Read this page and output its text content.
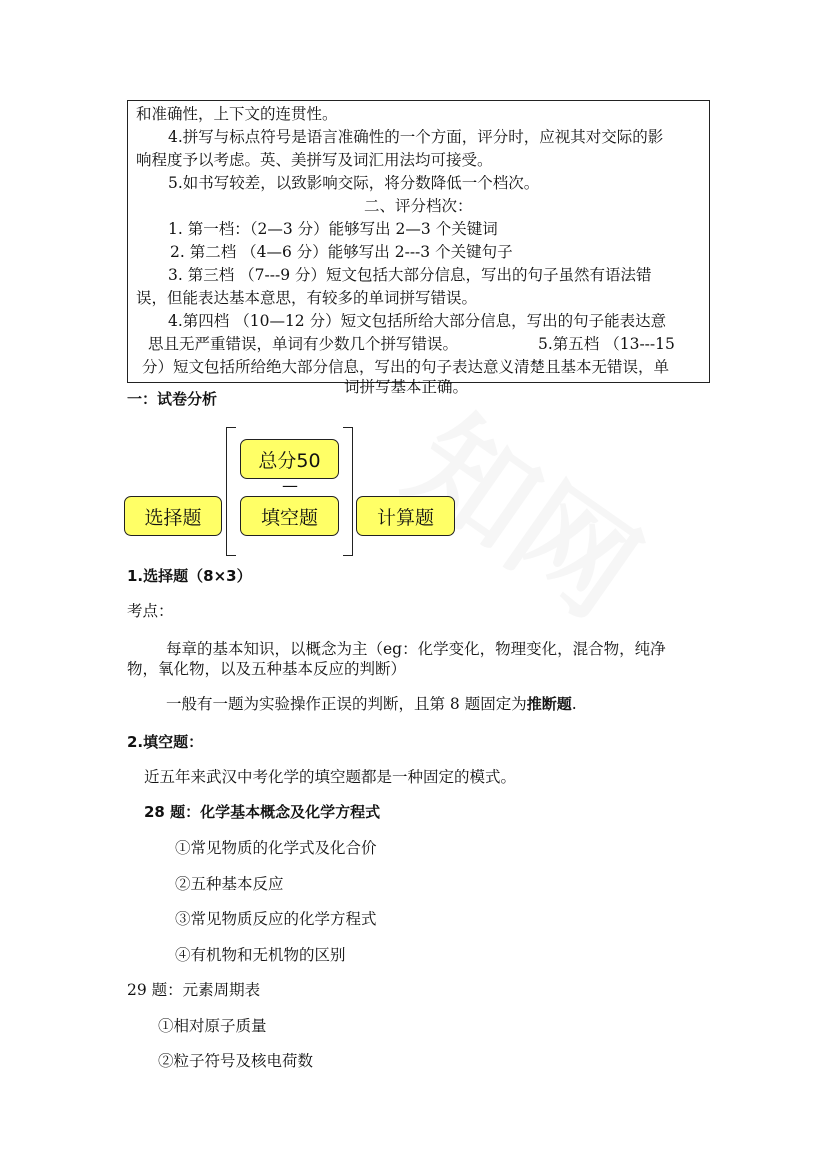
和准确性，上下文的连贯性。
4.拼写与标点符号是语言准确性的一个方面，评分时，应视其对交际的影
响程度予以考虑。英、美拼写及词汇用法均可接受。
5.如书写较差，以致影响交际，将分数降低一个档次。
二、评分档次：
1. 第一档：（2—3 分）能够写出 2—3 个关键词
2. 第二档 （4—6 分）能够写出 2---3 个关键句子
3. 第三档 （7---9 分）短文包括大部分信息，写出的句子虽然有语法错
误，但能表达基本意思，有较多的单词拼写错误。
4.第四档 （10—12 分）短文包括所给大部分信息，写出的句子能表达意
思且无严重错误，单词有少数几个拼写错误。	5.第五档 （13---15
分）短文包括所给绝大部分信息，写出的句子表达意义清楚且基本无错误，单
词拼写基本正确。
一：试卷分析
总分50
—
选择题	填空题	计算题
1.选择题（8×3）
考点：
每章的基本知识，以概念为主（eg：化学变化，物理变化，混合物，纯净
物，氧化物，以及五种基本反应的判断）
一般有一题为实验操作正误的判断，且第 8 题固定为推断题.
2.填空题：
近五年来武汉中考化学的填空题都是一种固定的模式。
28 题：化学基本概念及化学方程式
①常见物质的化学式及化合价
②五种基本反应
③常见物质反应的化学方程式
④有机物和无机物的区别
29 题：元素周期表
①相对原子质量
②粒子符号及核电荷数
